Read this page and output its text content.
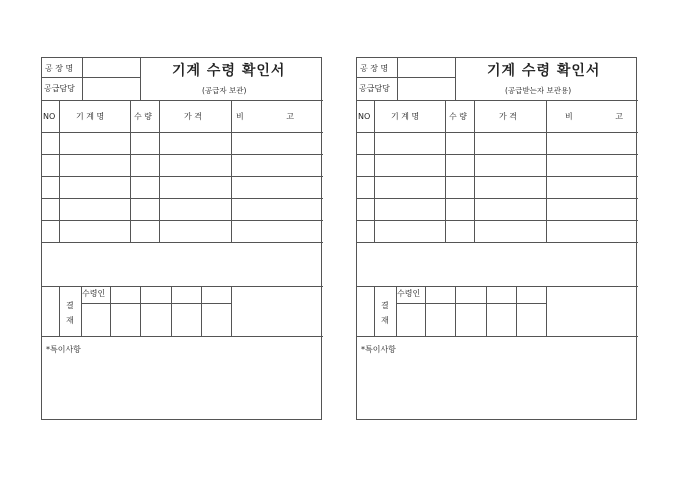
공 장 명
공급담당
기계 수령 확인서
(공급자 보관)
NO	기 계 명	수 량	가 격	비 고
결
재
수령인
*특이사항
공 장 명
공급담당
기계 수령 확인서
(공급받는자 보관용)
NO	기 계 명	수 량	가 격	비 고
결
재
수령인
*특이사항
